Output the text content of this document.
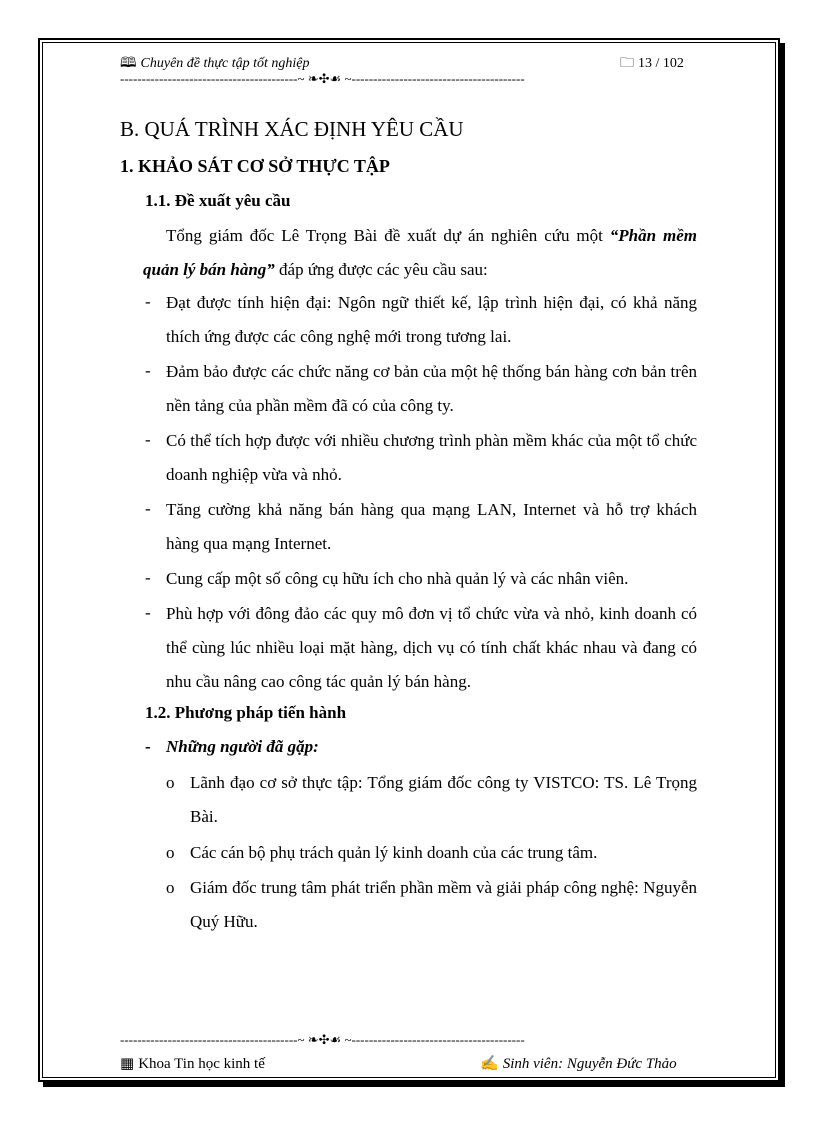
🕮 Chuyên đề thực tập tốt nghiệp	🗀 13 / 102
-----------------------------------------~ ❧✣☙ ~----------------------------------------
B. QUÁ TRÌNH XÁC ĐỊNH YÊU CẦU
1. KHẢO SÁT CƠ SỞ THỰC TẬP
1.1. Đề xuất yêu cầu
Tổng giám đốc Lê Trọng Bài đề xuất dự án nghiên cứu một “Phần mềm quản lý bán hàng” đáp ứng được các yêu cầu sau:
- Đạt được tính hiện đại: Ngôn ngữ thiết kế, lập trình hiện đại, có khả năng thích ứng được các công nghệ mới trong tương lai.
- Đảm bảo được các chức năng cơ bản của một hệ thống bán hàng cơn bản trên nền tảng của phần mềm đã có của công ty.
- Có thể tích hợp được với nhiều chương trình phàn mềm khác của một tổ chức doanh nghiệp vừa và nhỏ.
- Tăng cường khả năng bán hàng qua mạng LAN, Internet và hỗ trợ khách hàng qua mạng Internet.
- Cung cấp một số công cụ hữu ích cho nhà quản lý và các nhân viên.
- Phù hợp với đông đảo các quy mô đơn vị tổ chức vừa và nhỏ, kinh doanh có thể cùng lúc nhiều loại mặt hàng, dịch vụ có tính chất khác nhau và đang có nhu cầu nâng cao công tác quản lý bán hàng.
1.2. Phương pháp tiến hành
- Những người đã gặp:
o Lãnh đạo cơ sở thực tập: Tổng giám đốc công ty VISTCO: TS. Lê Trọng Bài.
o Các cán bộ phụ trách quản lý kinh doanh của các trung tâm.
o Giám đốc trung tâm phát triển phần mềm và giải pháp công nghệ: Nguyễn Quý Hữu.
-----------------------------------------~ ❧✣☙ ~----------------------------------------
▦ Khoa Tin học kinh tế	✍ Sinh viên: Nguyễn Đức Thảo
